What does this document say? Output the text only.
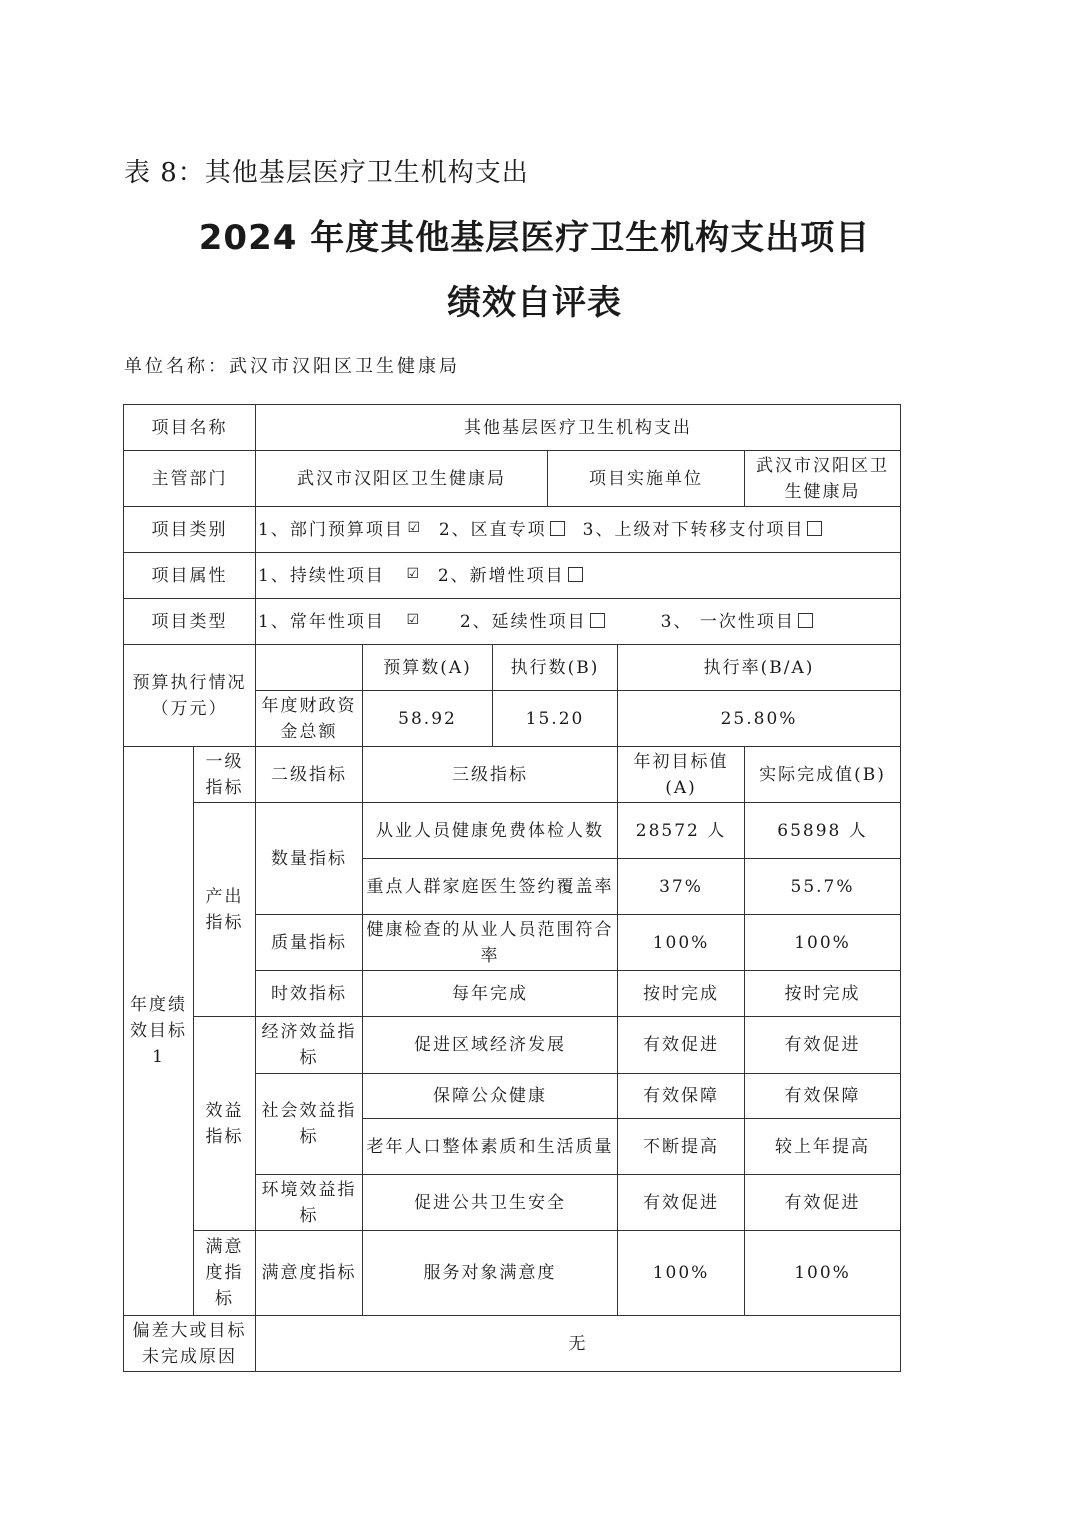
表 8：其他基层医疗卫生机构支出
2024 年度其他基层医疗卫生机构支出项目
绩效自评表
单位名称：武汉市汉阳区卫生健康局
项目名称		其他基层医疗卫生机构支出					
主管部门		武汉市汉阳区卫生健康局			项目实施单位		武汉市汉阳区卫生健康局
项目类别		1、部门预算项目 ☑ 2、区直专项 3、上级对下转移支付项目					
项目属性		1、持续性项目 ☑ 2、新增性项目					
项目类型		1、常年性项目 ☑ 2、延续性项目 3、 一次性项目					
预算执行情况（万元）			预算数(A)	执行数(B)		执行率(B/A)	
		年度财政资金总额	58.92	15.20		25.80%	
年度绩效目标1	一级指标	二级指标	三级指标			年初目标值(A)	实际完成值(B)
	产出指标	数量指标	从业人员健康免费体检人数			28572 人	65898 人
			重点人群家庭医生签约覆盖率			37%	55.7%
		质量指标	健康检查的从业人员范围符合率			100%	100%
		时效指标	每年完成			按时完成	按时完成
	效益指标	经济效益指标	促进区域经济发展			有效促进	有效促进
		社会效益指标	保障公众健康			有效保障	有效保障
			老年人口整体素质和生活质量			不断提高	较上年提高
		环境效益指标	促进公共卫生安全			有效促进	有效促进
	满意度指标	满意度指标	服务对象满意度			100%	100%
偏差大或目标未完成原因		无					
